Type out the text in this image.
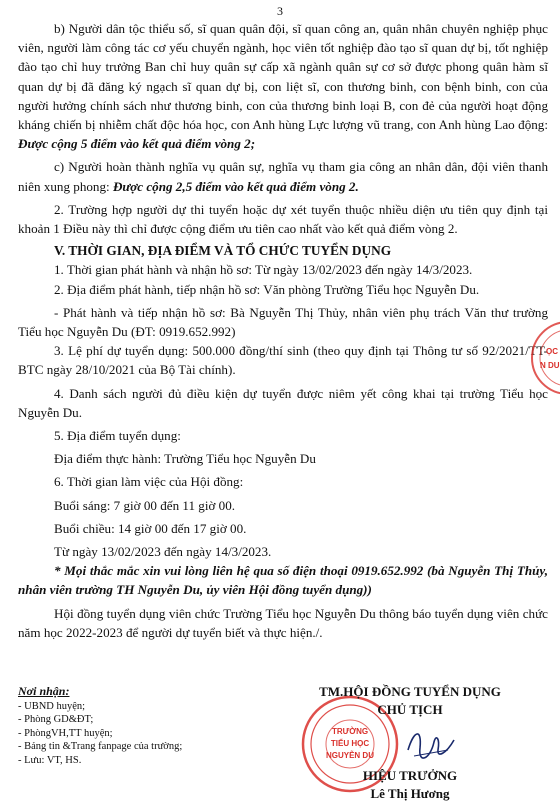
3

b) Người dân tộc thiểu số, sĩ quan quân đội, sĩ quan công an, quân nhân chuyên nghiệp phục viên, người làm công tác cơ yếu chuyển ngành, học viên tốt nghiệp đào tạo sĩ quan dự bị, tốt nghiệp đào tạo chỉ huy trưởng Ban chỉ huy quân sự cấp xã ngành quân sự cơ sở được phong quân hàm sĩ quan dự bị đã đăng ký ngạch sĩ quan dự bị, con liệt sĩ, con thương binh, con bệnh binh, con của người hưởng chính sách như thương binh, con của thương binh loại B, con đẻ của người hoạt động kháng chiến bị nhiễm chất độc hóa học, con Anh hùng Lực lượng vũ trang, con Anh hùng Lao động: Được cộng 5 điểm vào kết quả điểm vòng 2;

c) Người hoàn thành nghĩa vụ quân sự, nghĩa vụ tham gia công an nhân dân, đội viên thanh niên xung phong: Được cộng 2,5 điểm vào kết quả điểm vòng 2.

2. Trường hợp người dự thi tuyển hoặc dự xét tuyển thuộc nhiều diện ưu tiên quy định tại khoản 1 Điều này thì chỉ được cộng điểm ưu tiên cao nhất vào kết quả điểm vòng 2.

V. THỜI GIAN, ĐỊA ĐIỂM VÀ TỔ CHỨC TUYỂN DỤNG

1. Thời gian phát hành và nhận hồ sơ: Từ ngày 13/02/2023 đến ngày 14/3/2023.

2. Địa điểm phát hành, tiếp nhận hồ sơ: Văn phòng Trường Tiểu học Nguyễn Du.

- Phát hành và tiếp nhận hồ sơ: Bà Nguyễn Thị Thủy, nhân viên phụ trách Văn thư trường Tiểu học Nguyễn Du (ĐT: 0919.652.992)

3. Lệ phí dự tuyển dụng: 500.000 đồng/thí sinh (theo quy định tại Thông tư số 92/2021/TT-BTC ngày 28/10/2021 của Bộ Tài chính).

4. Danh sách người đủ điều kiện dự tuyển được niêm yết công khai tại trường Tiểu học Nguyễn Du.

5. Địa điểm tuyển dụng:

Địa điểm thực hành: Trường Tiểu học Nguyễn Du

6. Thời gian làm việc của Hội đồng:

Buổi sáng: 7 giờ 00 đến 11 giờ 00.

Buổi chiều: 14 giờ 00 đến 17 giờ 00.

Từ ngày 13/02/2023 đến ngày 14/3/2023.

* Mọi thắc mắc xin vui lòng liên hệ qua số điện thoại 0919.652.992 (bà Nguyễn Thị Thủy, nhân viên trường TH Nguyễn Du, ủy viên Hội đồng tuyển dụng))

Hội đồng tuyển dụng viên chức Trường Tiểu học Nguyễn Du thông báo tuyển dụng viên chức năm học 2022-2023 để người dự tuyển biết và thực hiện./.

Nơi nhận:
- UBND huyện;
- Phòng GD&ĐT;
- PhòngVH,TT huyện;
- Bảng tin &Trang fanpage của trường;
- Lưu: VT, HS.
TRƯỜNG
TIỂU HỌC
NGUYỄN DU
TM.HỘI ĐỒNG TUYỂN DỤNG
CHỦ TỊCH
HIỆU TRƯỞNG
Lê Thị Hương
ỌC
N DU
